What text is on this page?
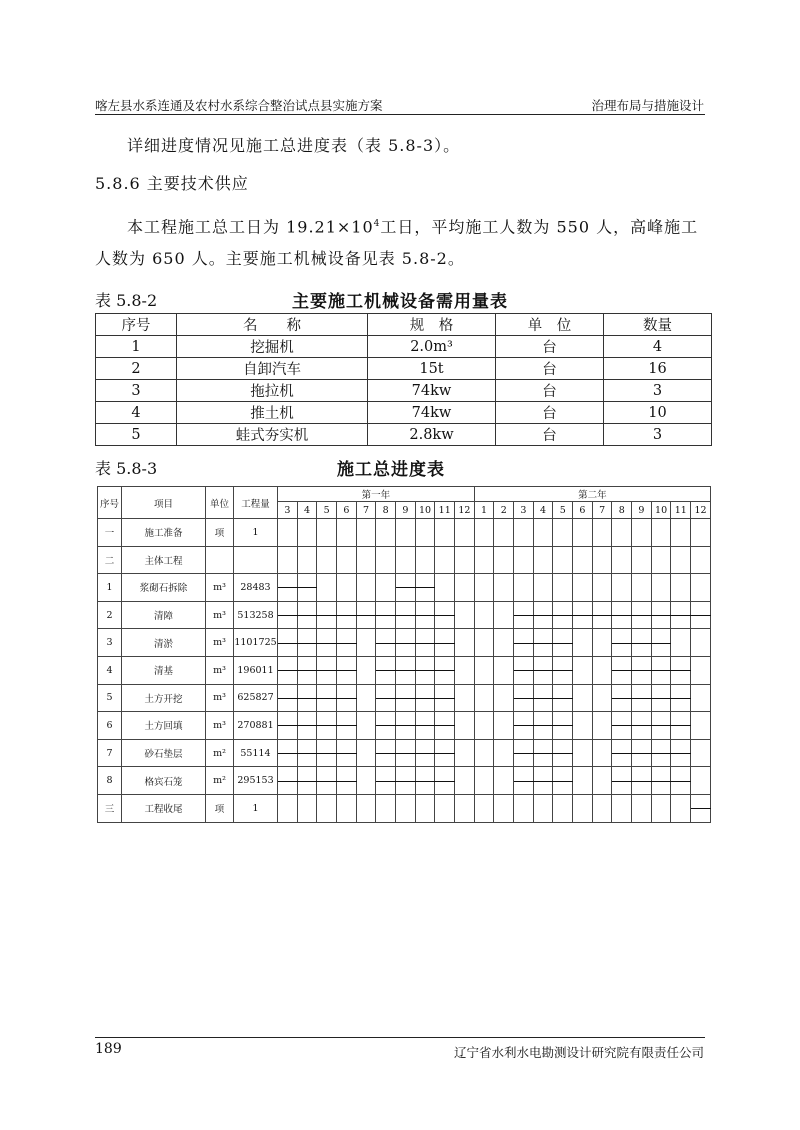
喀左县水系连通及农村水系综合整治试点县实施方案	治理布局与措施设计
详细进度情况见施工总进度表（表 5.8-3）。
5.8.6 主要技术供应
本工程施工总工日为 $19.21\times 10^4$工日，平均施工人数为 550 人，高峰施工人数为 650 人。主要施工机械设备见表 5.8-2。
表 5.8-2	主要施工机械设备需用量表
序号	名　　称	规　格	单　位	数量
1	挖掘机	2.0m³	台	4
2	自卸汽车	15t	台	16
3	拖拉机	74kw	台	3
4	推土机	74kw	台	10
5	蛙式夯实机	2.8kw	台	3
表 5.8-3	施工总进度表
序号	项目	单位	工程量	第一年										第二年											
				3	4	5	6	7	8	9	10	11	12	1	2	3	4	5	6	7	8	9	10	11	12
一	施工准备	项	1																						
二	主体工程																								
1	浆砌石拆除	m³	28483	

2	清障	m³	513258	

3	清淤	m³	1101725	

4	清基	m³	196011	

5	土方开挖	m³	625827	

6	土方回填	m³	270881	

7	砂石垫层	m²	55114	

8	格宾石笼	m²	295153	

三	工程收尾	项	1																						
189	辽宁省水利水电勘测设计研究院有限责任公司
